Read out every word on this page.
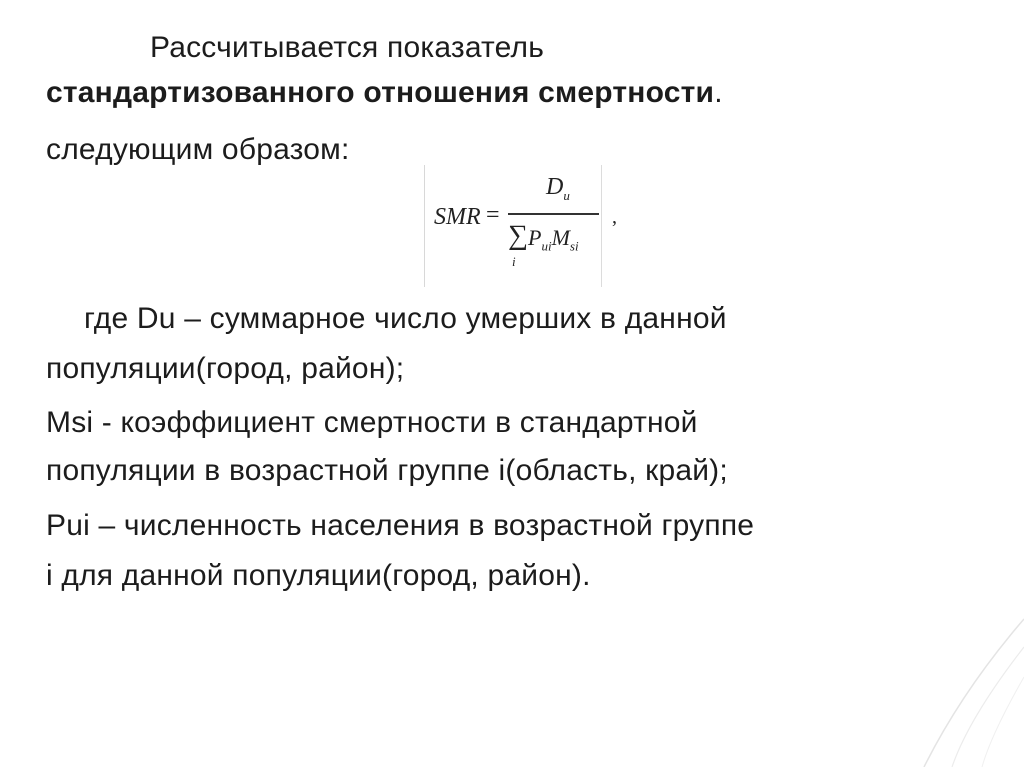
Рассчитывается показатель
стандартизованного отношения смертности.
следующим образом:
SMR =
$D_u$
∑
i
$P_{ui}M_{si}$
,
где Du – суммарное число умерших в данной
популяции(город, район);
Msi - коэффициент смертности в стандартной
популяции в возрастной группе i(область, край);
Pui – численность населения в возрастной группе
i для данной популяции(город, район).
